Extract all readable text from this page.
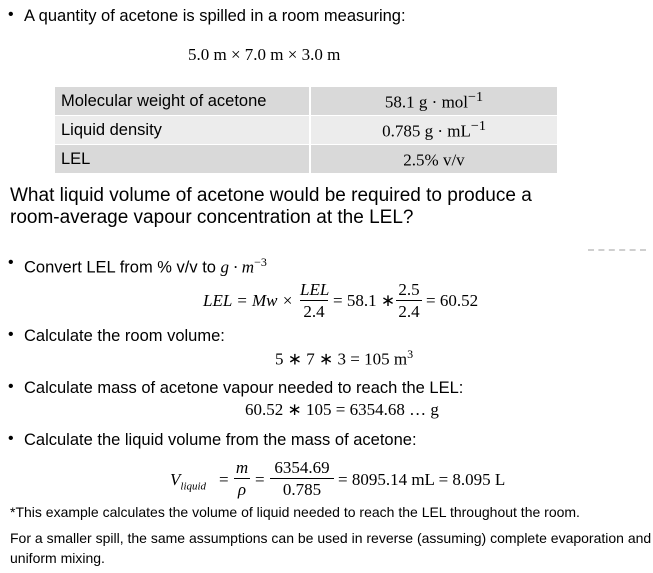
• A quantity of acetone is spilled in a room measuring:
5.0 m × 7.0 m × 3.0 m
Molecular weight of acetone	58.1 g · mol$^{-1}$
Liquid density	0.785 $g \cdot mL^{-1}$
LEL	2.5% v/v
What liquid volume of acetone would be required to produce a
room-average vapour concentration at the LEL?
• Convert LEL from % v/v to $g \cdot m^{-3}$
LEL = Mw ×
LEL
2.4
= 58.1 ∗
2.5
2.4
= 60.52
• Calculate the room volume:
5 ∗ 7 ∗ 3 = 105 $m^3$
• Calculate mass of acetone vapour needed to reach the LEL:
60.52 ∗ 105 = 6354.68 … g
• Calculate the liquid volume from the mass of acetone:
$V_{liquid}$ =
m
ρ
=
6354.69
0.785
= 8095.14 mL = 8.095 L
*This example calculates the volume of liquid needed to reach the LEL throughout the room.
For a smaller spill, the same assumptions can be used in reverse (assuming) complete evaporation and
uniform mixing.
